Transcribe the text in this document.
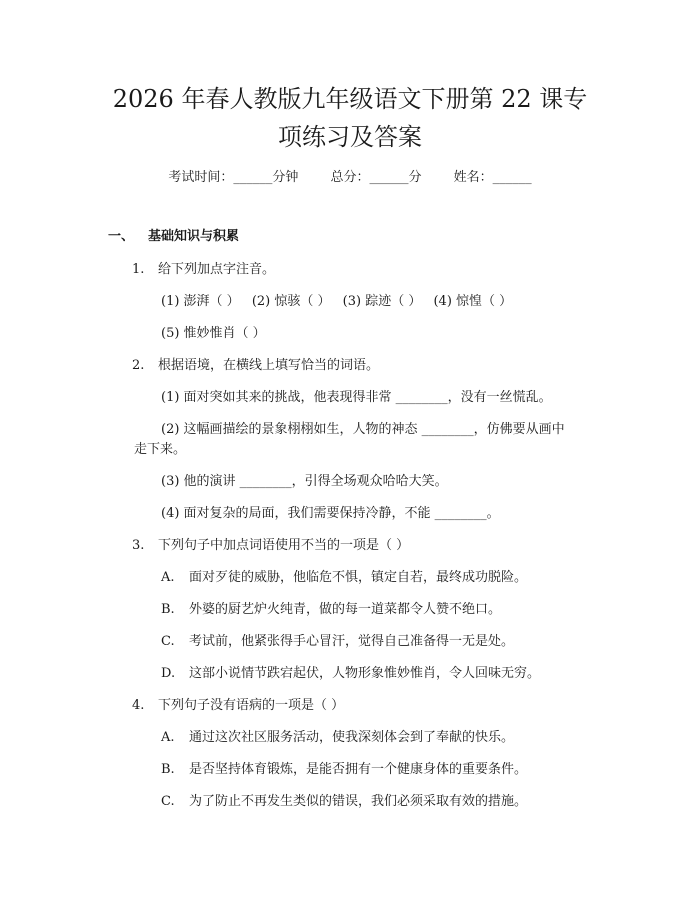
2026 年春人教版九年级语文下册第 22 课专
项练习及答案
考试时间：______分钟 总分：______分 姓名：______
一、 基础知识与积累
1. 给下列加点字注音。
(1) 澎湃（ ） (2) 惊骇（ ） (3) 踪迹（ ） (4) 惊惶（ ）
(5) 惟妙惟肖（ ）
2. 根据语境，在横线上填写恰当的词语。
(1) 面对突如其来的挑战，他表现得非常 ________，没有一丝慌乱。
(2) 这幅画描绘的景象栩栩如生，人物的神态 ________，仿佛要从画中
走下来。
(3) 他的演讲 ________，引得全场观众哈哈大笑。
(4) 面对复杂的局面，我们需要保持冷静，不能 ________。
3. 下列句子中加点词语使用不当的一项是（ ）
A. 面对歹徒的威胁，他临危不惧，镇定自若，最终成功脱险。
B. 外婆的厨艺炉火纯青，做的每一道菜都令人赞不绝口。
C. 考试前，他紧张得手心冒汗，觉得自己准备得一无是处。
D. 这部小说情节跌宕起伏，人物形象惟妙惟肖，令人回味无穷。
4. 下列句子没有语病的一项是（ ）
A. 通过这次社区服务活动，使我深刻体会到了奉献的快乐。
B. 是否坚持体育锻炼，是能否拥有一个健康身体的重要条件。
C. 为了防止不再发生类似的错误，我们必须采取有效的措施。
